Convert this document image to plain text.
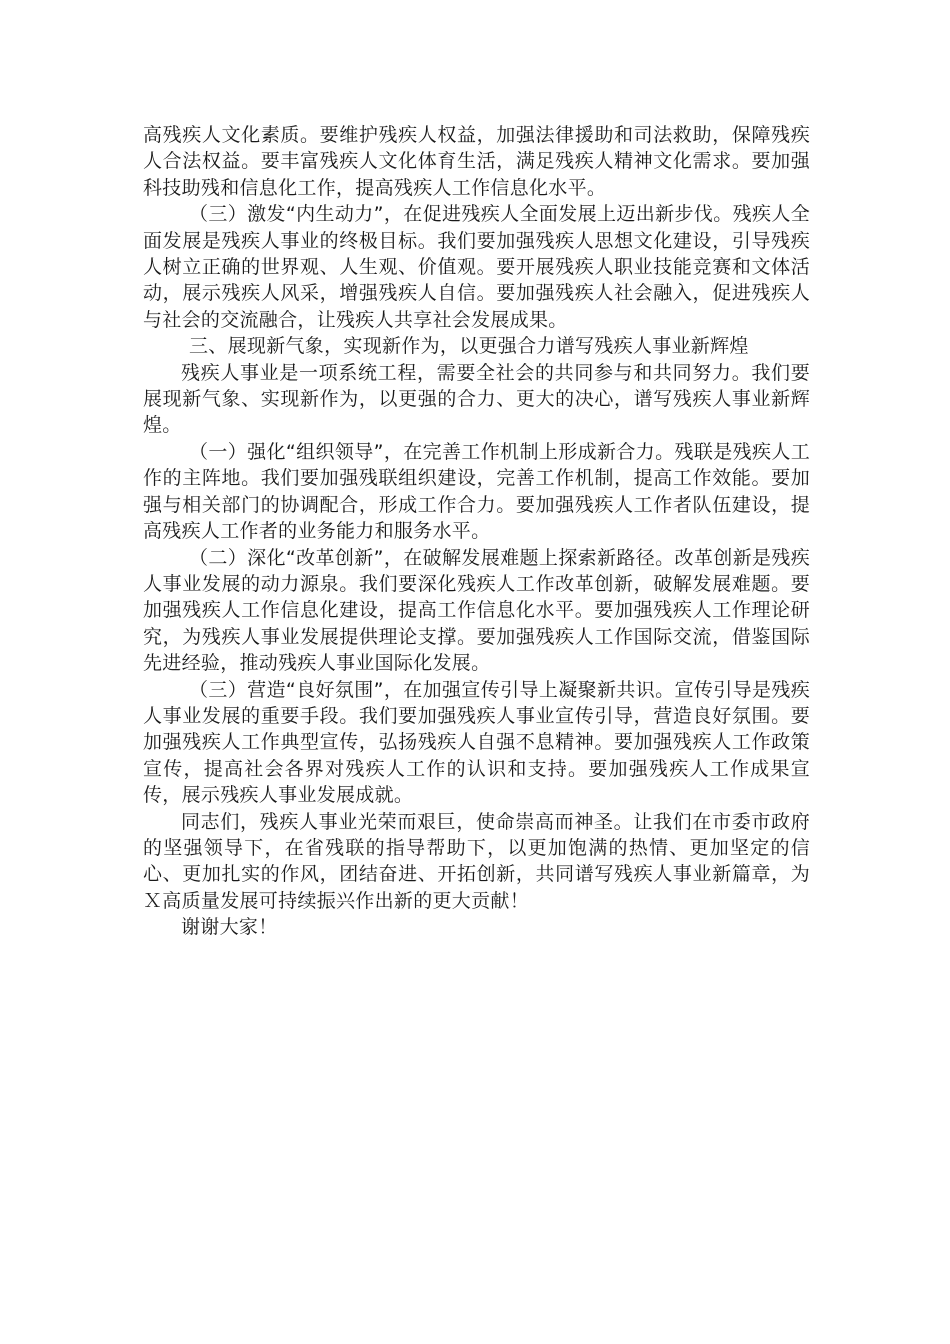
高残疾人文化素质。要维护残疾人权益，加强法律援助和司法救助，保障残疾人合法权益。要丰富残疾人文化体育生活，满足残疾人精神文化需求。要加强科技助残和信息化工作，提高残疾人工作信息化水平。

（三）激发“内生动力”，在促进残疾人全面发展上迈出新步伐。残疾人全面发展是残疾人事业的终极目标。我们要加强残疾人思想文化建设，引导残疾人树立正确的世界观、人生观、价值观。要开展残疾人职业技能竞赛和文体活动，展示残疾人风采，增强残疾人自信。要加强残疾人社会融入，促进残疾人与社会的交流融合，让残疾人共享社会发展成果。

三、展现新气象，实现新作为，以更强合力谱写残疾人事业新辉煌

残疾人事业是一项系统工程，需要全社会的共同参与和共同努力。我们要展现新气象、实现新作为，以更强的合力、更大的决心，谱写残疾人事业新辉煌。

（一）强化“组织领导”，在完善工作机制上形成新合力。残联是残疾人工作的主阵地。我们要加强残联组织建设，完善工作机制，提高工作效能。要加强与相关部门的协调配合，形成工作合力。要加强残疾人工作者队伍建设，提高残疾人工作者的业务能力和服务水平。

（二）深化“改革创新”，在破解发展难题上探索新路径。改革创新是残疾人事业发展的动力源泉。我们要深化残疾人工作改革创新，破解发展难题。要加强残疾人工作信息化建设，提高工作信息化水平。要加强残疾人工作理论研究，为残疾人事业发展提供理论支撑。要加强残疾人工作国际交流，借鉴国际先进经验，推动残疾人事业国际化发展。

（三）营造“良好氛围”，在加强宣传引导上凝聚新共识。宣传引导是残疾人事业发展的重要手段。我们要加强残疾人事业宣传引导，营造良好氛围。要加强残疾人工作典型宣传，弘扬残疾人自强不息精神。要加强残疾人工作政策宣传，提高社会各界对残疾人工作的认识和支持。要加强残疾人工作成果宣传，展示残疾人事业发展成就。

同志们，残疾人事业光荣而艰巨，使命崇高而神圣。让我们在市委市政府的坚强领导下，在省残联的指导帮助下，以更加饱满的热情、更加坚定的信心、更加扎实的作风，团结奋进、开拓创新，共同谱写残疾人事业新篇章，为Ｘ高质量发展可持续振兴作出新的更大贡献！

谢谢大家！
